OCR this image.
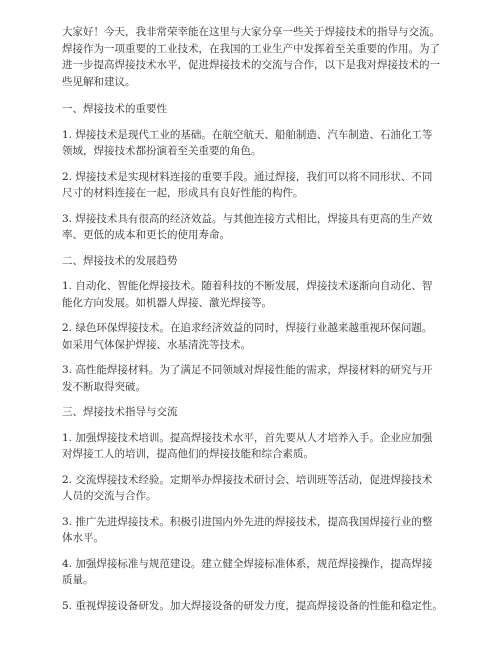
大家好！今天，我非常荣幸能在这里与大家分享一些关于焊接技术的指导与交流。
焊接作为一项重要的工业技术，在我国的工业生产中发挥着至关重要的作用。为了
进一步提高焊接技术水平，促进焊接技术的交流与合作，以下是我对焊接技术的一
些见解和建议。

一、焊接技术的重要性

1. 焊接技术是现代工业的基础。在航空航天、船舶制造、汽车制造、石油化工等
领域，焊接技术都扮演着至关重要的角色。

2. 焊接技术是实现材料连接的重要手段。通过焊接，我们可以将不同形状、不同
尺寸的材料连接在一起，形成具有良好性能的构件。

3. 焊接技术具有很高的经济效益。与其他连接方式相比，焊接具有更高的生产效
率、更低的成本和更长的使用寿命。

二、焊接技术的发展趋势

1. 自动化、智能化焊接技术。随着科技的不断发展，焊接技术逐渐向自动化、智
能化方向发展。如机器人焊接、激光焊接等。

2. 绿色环保焊接技术。在追求经济效益的同时，焊接行业越来越重视环保问题。
如采用气体保护焊接、水基清洗等技术。

3. 高性能焊接材料。为了满足不同领域对焊接性能的需求，焊接材料的研究与开
发不断取得突破。

三、焊接技术指导与交流

1. 加强焊接技术培训。提高焊接技术水平，首先要从人才培养入手。企业应加强
对焊接工人的培训，提高他们的焊接技能和综合素质。

2. 交流焊接技术经验。定期举办焊接技术研讨会、培训班等活动，促进焊接技术
人员的交流与合作。

3. 推广先进焊接技术。积极引进国内外先进的焊接技术，提高我国焊接行业的整
体水平。

4. 加强焊接标准与规范建设。建立健全焊接标准体系，规范焊接操作，提高焊接
质量。

5. 重视焊接设备研发。加大焊接设备的研发力度，提高焊接设备的性能和稳定性。
